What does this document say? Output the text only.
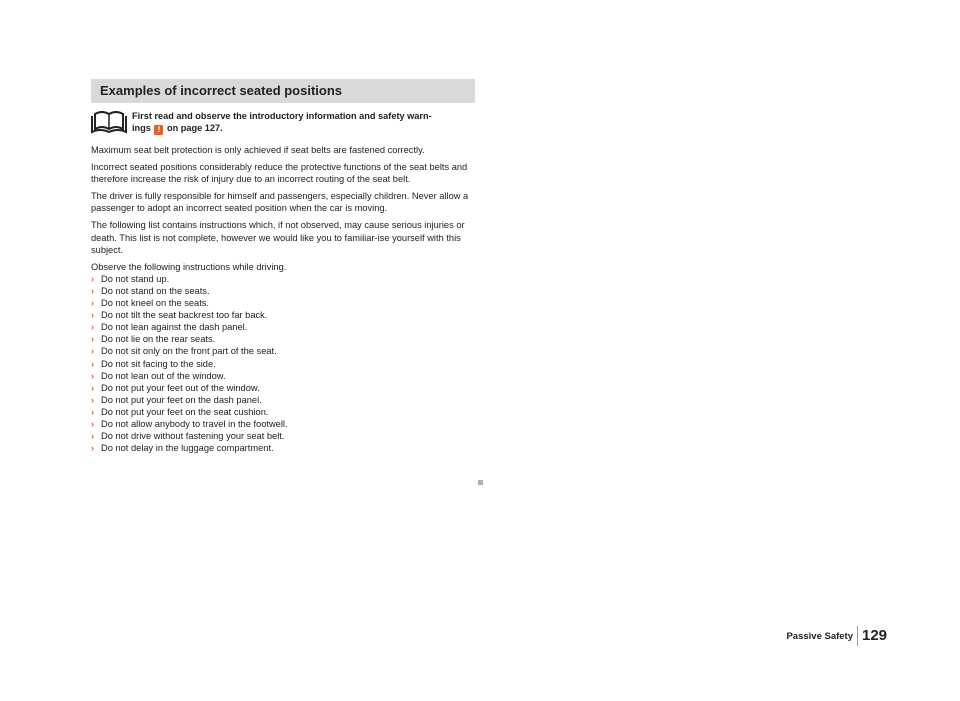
Examples of incorrect seated positions
First read and observe the introductory information and safety warn-
ings ! on page 127.

Maximum seat belt protection is only achieved if seat belts are fastened correctly.

Incorrect seated positions considerably reduce the protective functions of the seat belts and therefore increase the risk of injury due to an incorrect routing of the seat belt.

The driver is fully responsible for himself and passengers, especially children. Never allow a passenger to adopt an incorrect seated position when the car is moving.

The following list contains instructions which, if not observed, may cause serious injuries or death. This list is not complete, however we would like you to familiar-ise yourself with this subject.

Observe the following instructions while driving.

› Do not stand up.
› Do not stand on the seats.
› Do not kneel on the seats.
› Do not tilt the seat backrest too far back.
› Do not lean against the dash panel.
› Do not lie on the rear seats.
› Do not sit only on the front part of the seat.
› Do not sit facing to the side.
› Do not lean out of the window.
› Do not put your feet out of the window.
› Do not put your feet on the dash panel.
› Do not put your feet on the seat cushion.
› Do not allow anybody to travel in the footwell.
› Do not drive without fastening your seat belt.
› Do not delay in the luggage compartment.
Passive Safety 129
